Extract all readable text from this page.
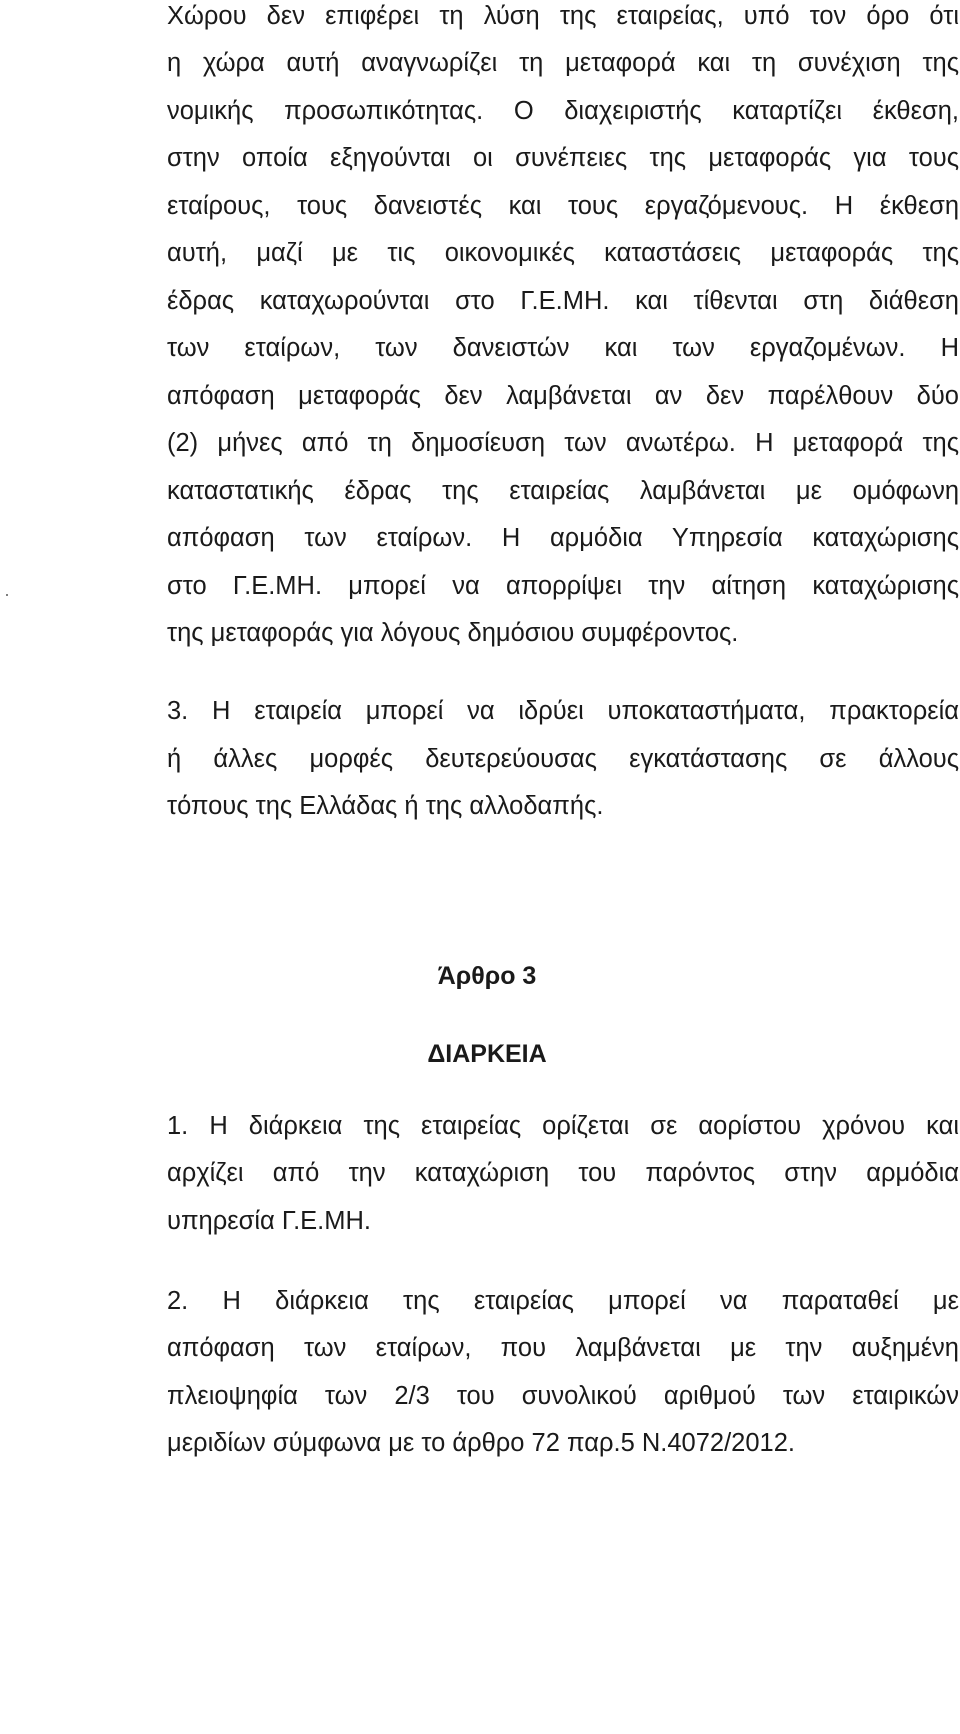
Χώρου δεν επιφέρει τη λύση της εταιρείας, υπό τον όρο ότι
η χώρα αυτή αναγνωρίζει τη μεταφορά και τη συνέχιση της
νομικής προσωπικότητας. Ο διαχειριστής καταρτίζει έκθεση,
στην οποία εξηγούνται οι συνέπειες της μεταφοράς για τους
εταίρους, τους δανειστές και τους εργαζόμενους. Η έκθεση
αυτή, μαζί με τις οικονομικές καταστάσεις μεταφοράς της
έδρας καταχωρούνται στο Γ.Ε.ΜΗ. και τίθενται στη διάθεση
των εταίρων, των δανειστών και των εργαζομένων. Η
απόφαση μεταφοράς δεν λαμβάνεται αν δεν παρέλθουν δύο
(2) μήνες από τη δημοσίευση των ανωτέρω. Η μεταφορά της
καταστατικής έδρας της εταιρείας λαμβάνεται με ομόφωνη
απόφαση των εταίρων. Η αρμόδια Υπηρεσία καταχώρισης
στο Γ.Ε.ΜΗ. μπορεί να απορρίψει την αίτηση καταχώρισης
της μεταφοράς για λόγους δημόσιου συμφέροντος.
3. Η εταιρεία μπορεί να ιδρύει υποκαταστήματα, πρακτορεία
ή άλλες μορφές δευτερεύουσας εγκατάστασης σε άλλους
τόπους της Ελλάδας ή της αλλοδαπής.
Άρθρο 3
ΔΙΑΡΚΕΙΑ
1. Η διάρκεια της εταιρείας ορίζεται σε αορίστου χρόνου και
αρχίζει από την καταχώριση του παρόντος στην αρμόδια
υπηρεσία Γ.Ε.ΜΗ.
2. Η διάρκεια της εταιρείας μπορεί να παραταθεί με
απόφαση των εταίρων, που λαμβάνεται με την αυξημένη
πλειοψηφία των 2/3 του συνολικού αριθμού των εταιρικών
μεριδίων σύμφωνα με το άρθρο 72 παρ.5 Ν.4072/2012.
